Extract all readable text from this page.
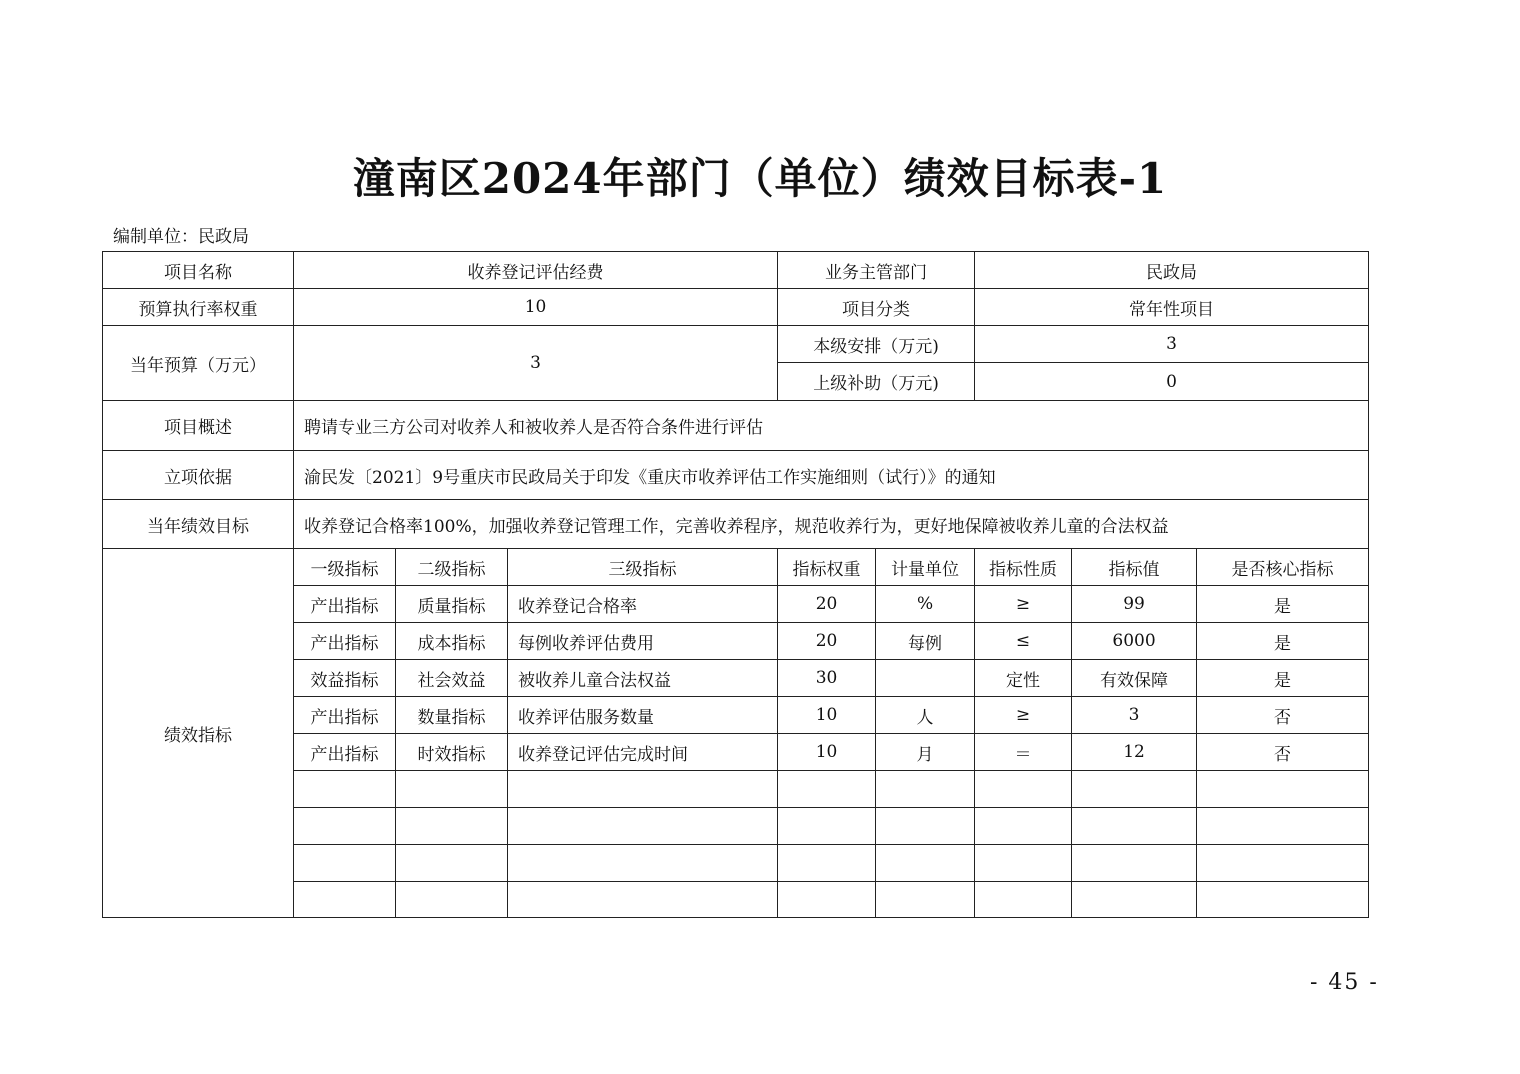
潼南区2024年部门（单位）绩效目标表-1
编制单位：民政局
项目名称	收养登记评估经费			业务主管部门		民政局		
预算执行率权重	10			项目分类		常年性项目		
当年预算（万元）	3			本级安排（万元)		3		
				上级补助（万元)		0		
项目概述	聘请专业三方公司对收养人和被收养人是否符合条件进行评估							
立项依据	渝民发〔2021〕9号重庆市民政局关于印发《重庆市收养评估工作实施细则（试行）》的通知							
当年绩效目标	收养登记合格率100%，加强收养登记管理工作，完善收养程序，规范收养行为，更好地保障被收养儿童的合法权益							
绩效指标	一级指标	二级指标	三级指标	指标权重	计量单位	指标性质	指标值	是否核心指标
	产出指标	质量指标	收养登记合格率	20	%	≥	99	是
	产出指标	成本指标	每例收养评估费用	20	每例	≤	6000	是
	效益指标	社会效益	被收养儿童合法权益	30		定性	有效保障	是
	产出指标	数量指标	收养评估服务数量	10	人	≥	3	否
	产出指标	时效指标	收养登记评估完成时间	10	月	＝	12	否

- 45 -
